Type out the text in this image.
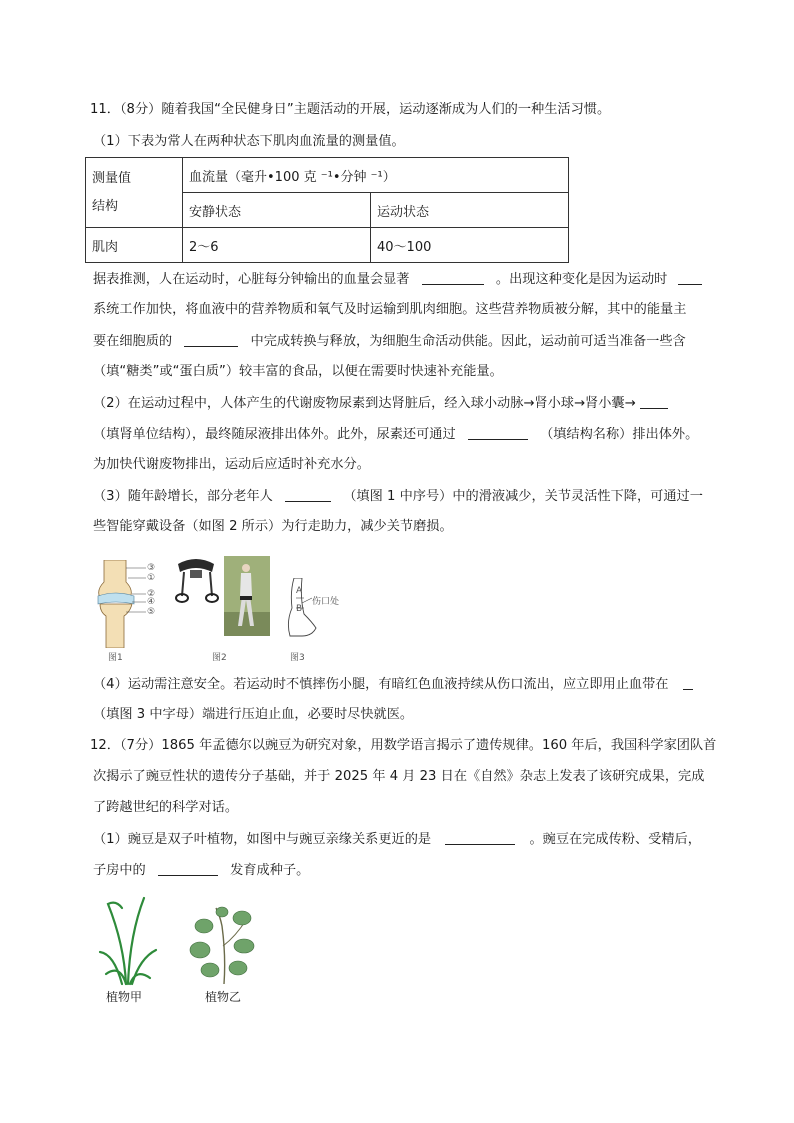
11．（8分）随着我国“全民健身日”主题活动的开展，运动逐渐成为人们的一种生活习惯。
（1）下表为常人在两种状态下肌肉血流量的测量值。
测量值
结构	血流量（毫升•100 克 ⁻¹•分钟 ⁻¹）	
	安静状态	运动状态
肌肉	2～6	40～100
据表推测，人在运动时，心脏每分钟输出的血量会显著	。出现这种变化是因为运动时
系统工作加快，将血液中的营养物质和氧气及时运输到肌肉细胞。这些营养物质被分解，其中的能量主
要在细胞质的	中完成转换与释放，为细胞生命活动供能。因此，运动前可适当准备一些含
（填“糖类”或“蛋白质”）较丰富的食品，以便在需要时快速补充能量。
（2）在运动过程中，人体产生的代谢废物尿素到达肾脏后，经入球小动脉→肾小球→肾小囊→
（填肾单位结构），最终随尿液排出体外。此外，尿素还可通过	（填结构名称）排出体外。
为加快代谢废物排出，运动后应适时补充水分。
（3）随年龄增长，部分老年人	（填图 1 中序号）中的滑液减少，关节灵活性下降，可通过一
些智能穿戴设备（如图 2 所示）为行走助力，减少关节磨损。
③
①
②
④
⑤
图1	图2
A
B
伤口处
图3
（4）运动需注意安全。若运动时不慎摔伤小腿，有暗红色血液持续从伤口流出，应立即用止血带在
（填图 3 中字母）端进行压迫止血，必要时尽快就医。
12．（7分）1865 年孟德尔以豌豆为研究对象，用数学语言揭示了遗传规律。160 年后，我国科学家团队首
次揭示了豌豆性状的遗传分子基础，并于 2025 年 4 月 23 日在《自然》杂志上发表了该研究成果，完成
了跨越世纪的科学对话。
（1）豌豆是双子叶植物，如图中与豌豆亲缘关系更近的是	。豌豆在完成传粉、受精后，
子房中的	发育成种子。
植物甲	植物乙
